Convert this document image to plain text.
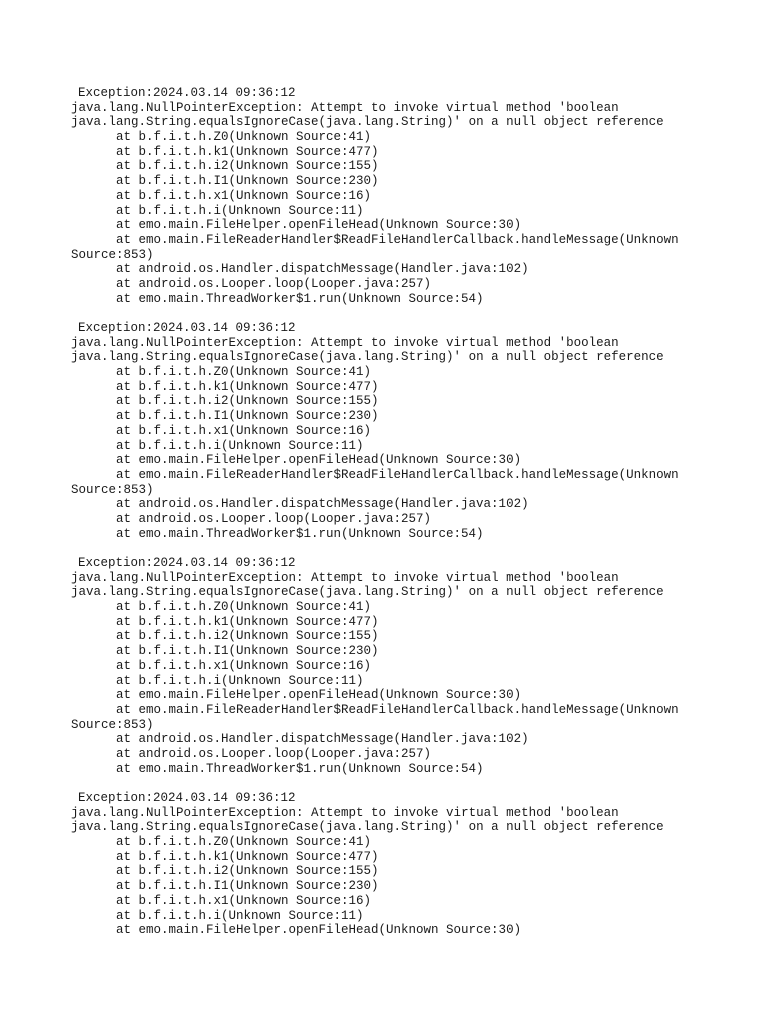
Exception:2024.03.14 09:36:12
java.lang.NullPointerException: Attempt to invoke virtual method 'boolean
java.lang.String.equalsIgnoreCase(java.lang.String)' on a null object reference
at b.f.i.t.h.Z0(Unknown Source:41)
at b.f.i.t.h.k1(Unknown Source:477)
at b.f.i.t.h.i2(Unknown Source:155)
at b.f.i.t.h.I1(Unknown Source:230)
at b.f.i.t.h.x1(Unknown Source:16)
at b.f.i.t.h.i(Unknown Source:11)
at emo.main.FileHelper.openFileHead(Unknown Source:30)
at emo.main.FileReaderHandler$ReadFileHandlerCallback.handleMessage(Unknown
Source:853)
at android.os.Handler.dispatchMessage(Handler.java:102)
at android.os.Looper.loop(Looper.java:257)
at emo.main.ThreadWorker$1.run(Unknown Source:54)
Exception:2024.03.14 09:36:12
java.lang.NullPointerException: Attempt to invoke virtual method 'boolean
java.lang.String.equalsIgnoreCase(java.lang.String)' on a null object reference
at b.f.i.t.h.Z0(Unknown Source:41)
at b.f.i.t.h.k1(Unknown Source:477)
at b.f.i.t.h.i2(Unknown Source:155)
at b.f.i.t.h.I1(Unknown Source:230)
at b.f.i.t.h.x1(Unknown Source:16)
at b.f.i.t.h.i(Unknown Source:11)
at emo.main.FileHelper.openFileHead(Unknown Source:30)
at emo.main.FileReaderHandler$ReadFileHandlerCallback.handleMessage(Unknown
Source:853)
at android.os.Handler.dispatchMessage(Handler.java:102)
at android.os.Looper.loop(Looper.java:257)
at emo.main.ThreadWorker$1.run(Unknown Source:54)
Exception:2024.03.14 09:36:12
java.lang.NullPointerException: Attempt to invoke virtual method 'boolean
java.lang.String.equalsIgnoreCase(java.lang.String)' on a null object reference
at b.f.i.t.h.Z0(Unknown Source:41)
at b.f.i.t.h.k1(Unknown Source:477)
at b.f.i.t.h.i2(Unknown Source:155)
at b.f.i.t.h.I1(Unknown Source:230)
at b.f.i.t.h.x1(Unknown Source:16)
at b.f.i.t.h.i(Unknown Source:11)
at emo.main.FileHelper.openFileHead(Unknown Source:30)
at emo.main.FileReaderHandler$ReadFileHandlerCallback.handleMessage(Unknown
Source:853)
at android.os.Handler.dispatchMessage(Handler.java:102)
at android.os.Looper.loop(Looper.java:257)
at emo.main.ThreadWorker$1.run(Unknown Source:54)
Exception:2024.03.14 09:36:12
java.lang.NullPointerException: Attempt to invoke virtual method 'boolean
java.lang.String.equalsIgnoreCase(java.lang.String)' on a null object reference
at b.f.i.t.h.Z0(Unknown Source:41)
at b.f.i.t.h.k1(Unknown Source:477)
at b.f.i.t.h.i2(Unknown Source:155)
at b.f.i.t.h.I1(Unknown Source:230)
at b.f.i.t.h.x1(Unknown Source:16)
at b.f.i.t.h.i(Unknown Source:11)
at emo.main.FileHelper.openFileHead(Unknown Source:30)
